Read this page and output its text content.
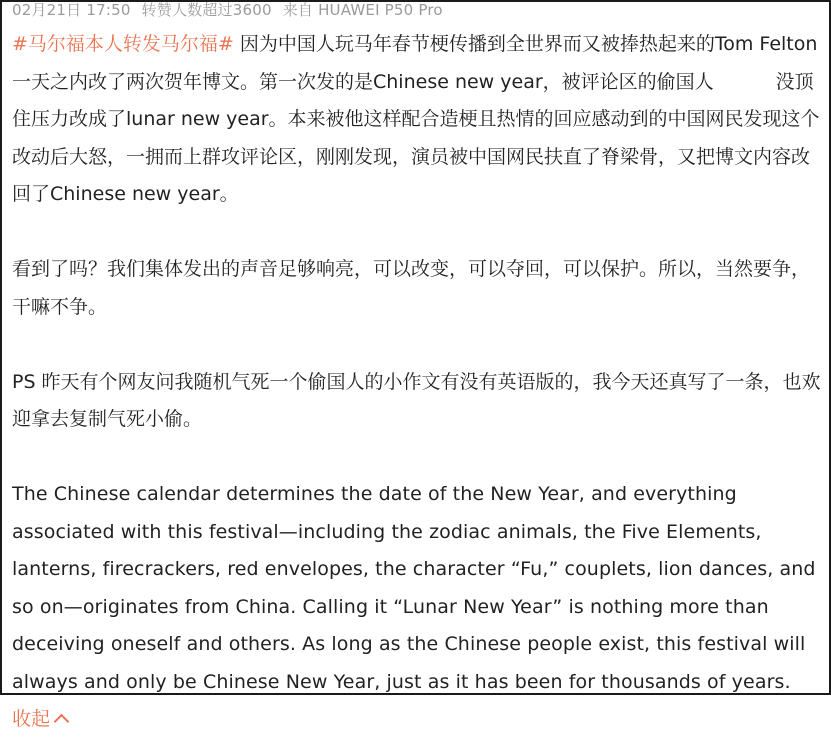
02月21日 17:50 转赞人数超过3600 来自 HUAWEI P50 Pro

#马尔福本人转发马尔福# 因为中国人玩马年春节梗传播到全世界而又被捧热起来的Tom Felton一天之内改了两次贺年博文。第一次发的是Chinese new year，被评论区的偷国人	没顶住压力改成了lunar new year。本来被他这样配合造梗且热情的回应感动到的中国网民发现这个改动后大怒，一拥而上群攻评论区，刚刚发现，演员被中国网民扶直了脊梁骨，又把博文内容改回了Chinese new year。

看到了吗？我们集体发出的声音足够响亮，可以改变，可以夺回，可以保护。所以，当然要争，干嘛不争。

PS 昨天有个网友问我随机气死一个偷国人的小作文有没有英语版的，我今天还真写了一条，也欢迎拿去复制气死小偷。

The Chinese calendar determines the date of the New Year, and everything associated with this festival—including the zodiac animals, the Five Elements, lanterns, firecrackers, red envelopes, the character “Fu,” couplets, lion dances, and so on—originates from China. Calling it “Lunar New Year” is nothing more than deceiving oneself and others. As long as the Chinese people exist, this festival will always and only be Chinese New Year, just as it has been for thousands of years. 收起
